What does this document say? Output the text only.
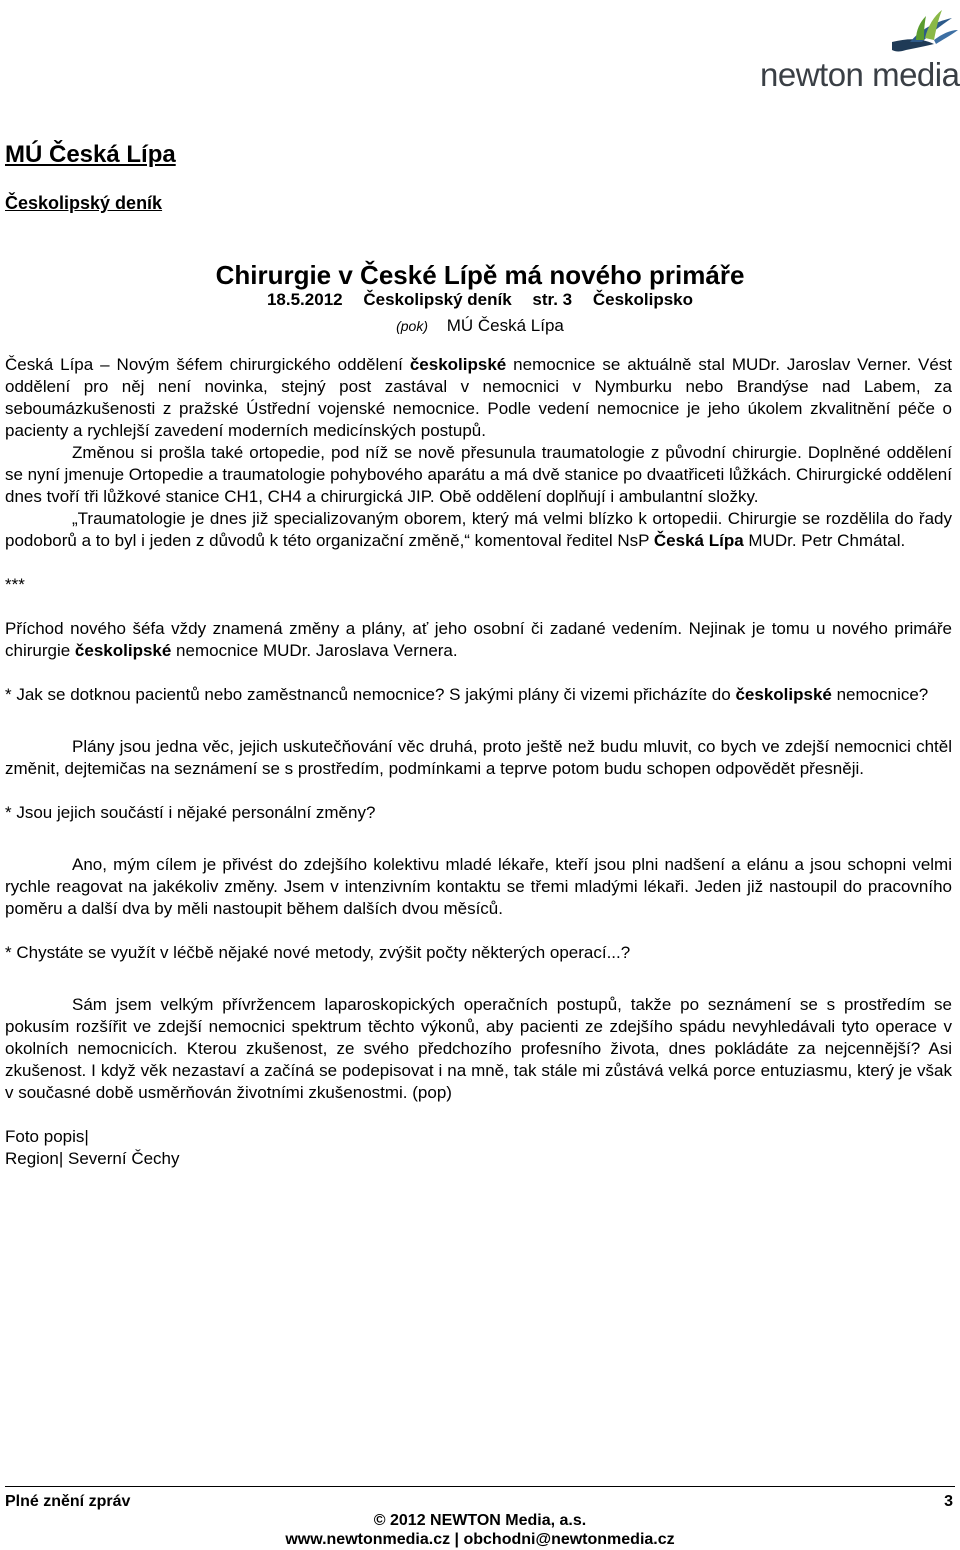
newton media
MÚ Česká Lípa
Českolipský deník
Chirurgie v České Lípě má nového primáře
18.5.2012 Českolipský deník str. 3 Českolipsko
(pok) MÚ Česká Lípa

Česká Lípa – Novým šéfem chirurgického oddělení českolipské nemocnice se aktuálně stal MUDr. Jaroslav Verner. Vést oddělení pro něj není novinka, stejný post zastával v nemocnici v Nymburku nebo Brandýse nad Labem, za seboumázkušenosti z pražské Ústřední vojenské nemocnice. Podle vedení nemocnice je jeho úkolem zkvalitnění péče o pacienty a rychlejší zavedení moderních medicínských postupů.

Změnou si prošla také ortopedie, pod níž se nově přesunula traumatologie z původní chirurgie. Doplněné oddělení se nyní jmenuje Ortopedie a traumatologie pohybového aparátu a má dvě stanice po dvaatřiceti lůžkách. Chirurgické oddělení dnes tvoří tři lůžkové stanice CH1, CH4 a chirurgická JIP. Obě oddělení doplňují i ambulantní složky.

„Traumatologie je dnes již specializovaným oborem, který má velmi blízko k ortopedii. Chirurgie se rozdělila do řady podoborů a to byl i jeden z důvodů k této organizační změně,“ komentoval ředitel NsP Česká Lípa MUDr. Petr Chmátal.

***

Příchod nového šéfa vždy znamená změny a plány, ať jeho osobní či zadané vedením. Nejinak je tomu u nového primáře chirurgie českolipské nemocnice MUDr. Jaroslava Vernera.

* Jak se dotknou pacientů nebo zaměstnanců nemocnice? S jakými plány či vizemi přicházíte do českolipské nemocnice?

Plány jsou jedna věc, jejich uskutečňování věc druhá, proto ještě než budu mluvit, co bych ve zdejší nemocnici chtěl změnit, dejtemičas na seznámení se s prostředím, podmínkami a teprve potom budu schopen odpovědět přesněji.

* Jsou jejich součástí i nějaké personální změny?

Ano, mým cílem je přivést do zdejšího kolektivu mladé lékaře, kteří jsou plni nadšení a elánu a jsou schopni velmi rychle reagovat na jakékoliv změny. Jsem v intenzivním kontaktu se třemi mladými lékaři. Jeden již nastoupil do pracovního poměru a další dva by měli nastoupit během dalších dvou měsíců.

* Chystáte se využít v léčbě nějaké nové metody, zvýšit počty některých operací...?

Sám jsem velkým přívržencem laparoskopických operačních postupů, takže po seznámení se s prostředím se pokusím rozšířit ve zdejší nemocnici spektrum těchto výkonů, aby pacienti ze zdejšího spádu nevyhledávali tyto operace v okolních nemocnicích. Kterou zkušenost, ze svého předchozího profesního života, dnes pokládáte za nejcennější? Asi zkušenost. I když věk nezastaví a začíná se podepisovat i na mně, tak stále mi zůstává velká porce entuziasmu, který je však v současné době usměrňován životními zkušenostmi. (pop)

Foto popis|

Region| Severní Čechy

Plné znění zpráv	3
© 2012 NEWTON Media, a.s.
www.newtonmedia.cz | obchodni@newtonmedia.cz
